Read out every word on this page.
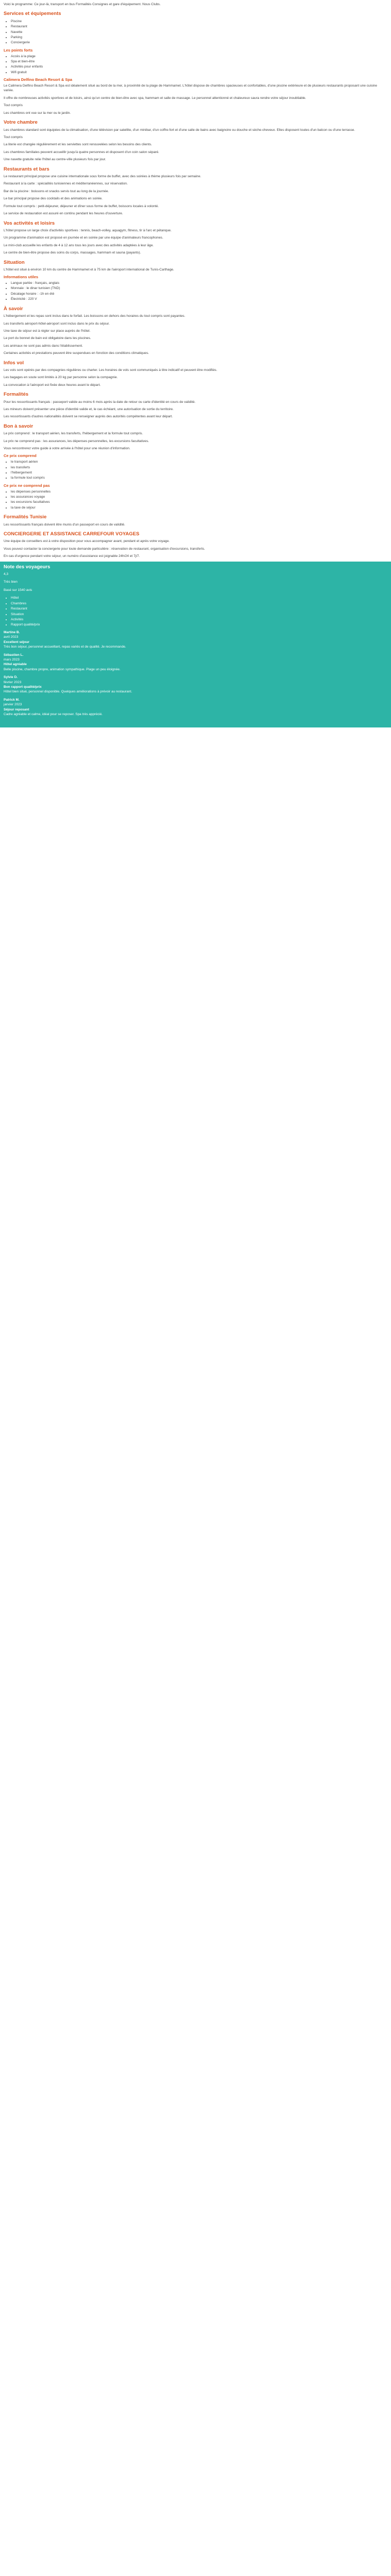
Voici le programme: Ce jour-là, transport en bus Formalités Consignes et gare d'équipement. Nous Clubs.

Services et équipements
• Piscine
• Restaurant
• Navette
• Parking
• Conciergerie
Les points forts
• Accès à la plage
• Spa et bien-être
• Activités pour enfants
• Wifi gratuit
Calimera Delfino Beach Resort & Spa

Le Calimera Delfino Beach Resort & Spa est idéalement situé au bord de la mer, à proximité de la plage de Hammamet. L'hôtel dispose de chambres spacieuses et confortables, d'une piscine extérieure et de plusieurs restaurants proposant une cuisine variée.

Il offre de nombreuses activités sportives et de loisirs, ainsi qu'un centre de bien-être avec spa, hammam et salle de massage. Le personnel attentionné et chaleureux saura rendre votre séjour inoubliable.

Tout compris

Les chambres ont vue sur la mer ou le jardin.

Votre chambre

Les chambres standard sont équipées de la climatisation, d'une télévision par satellite, d'un minibar, d'un coffre-fort et d'une salle de bains avec baignoire ou douche et sèche-cheveux. Elles disposent toutes d'un balcon ou d'une terrasse.

Tout compris

La literie est changée régulièrement et les serviettes sont renouvelées selon les besoins des clients.

Les chambres familiales peuvent accueillir jusqu'à quatre personnes et disposent d'un coin salon séparé.

Une navette gratuite relie l'hôtel au centre-ville plusieurs fois par jour.

Restaurants et bars

Le restaurant principal propose une cuisine internationale sous forme de buffet, avec des soirées à thème plusieurs fois par semaine.

Restaurant à la carte : spécialités tunisiennes et méditerranéennes, sur réservation.

Bar de la piscine : boissons et snacks servis tout au long de la journée.

Le bar principal propose des cocktails et des animations en soirée.

Formule tout compris : petit-déjeuner, déjeuner et dîner sous forme de buffet, boissons locales à volonté.

Le service de restauration est assuré en continu pendant les heures d'ouverture.

Vos activités et loisirs

L'hôtel propose un large choix d'activités sportives : tennis, beach-volley, aquagym, fitness, tir à l'arc et pétanque.

Un programme d'animation est proposé en journée et en soirée par une équipe d'animateurs francophones.

Le mini-club accueille les enfants de 4 à 12 ans tous les jours avec des activités adaptées à leur âge.

Le centre de bien-être propose des soins du corps, massages, hammam et sauna (payants).

Situation

L'hôtel est situé à environ 10 km du centre de Hammamet et à 75 km de l'aéroport international de Tunis-Carthage.

Informations utiles
• Langue parlée : français, anglais
• Monnaie : le dinar tunisien (TND)
• Décalage horaire : -1h en été
• Électricité : 220 V
À savoir

L'hébergement et les repas sont inclus dans le forfait. Les boissons en dehors des horaires du tout compris sont payantes.

Les transferts aéroport-hôtel-aéroport sont inclus dans le prix du séjour.

Une taxe de séjour est à régler sur place auprès de l'hôtel.

Le port du bonnet de bain est obligatoire dans les piscines.

Les animaux ne sont pas admis dans l'établissement.

Certaines activités et prestations peuvent être suspendues en fonction des conditions climatiques.

Infos vol

Les vols sont opérés par des compagnies régulières ou charter. Les horaires de vols sont communiqués à titre indicatif et peuvent être modifiés.

Les bagages en soute sont limités à 20 kg par personne selon la compagnie.

La convocation à l'aéroport est fixée deux heures avant le départ.

Formalités

Pour les ressortissants français : passeport valide au moins 6 mois après la date de retour ou carte d'identité en cours de validité.

Les mineurs doivent présenter une pièce d'identité valide et, le cas échéant, une autorisation de sortie du territoire.

Les ressortissants d'autres nationalités doivent se renseigner auprès des autorités compétentes avant leur départ.

Bon à savoir

Le prix comprend : le transport aérien, les transferts, l'hébergement et la formule tout compris.

Le prix ne comprend pas : les assurances, les dépenses personnelles, les excursions facultatives.

Vous rencontrerez votre guide à votre arrivée à l'hôtel pour une réunion d'information.

Ce prix comprend
• le transport aérien
• les transferts
• l'hébergement
• la formule tout compris
Ce prix ne comprend pas
• les dépenses personnelles
• les assurances voyage
• les excursions facultatives
• la taxe de séjour
Formalités Tunisie

Les ressortissants français doivent être munis d'un passeport en cours de validité.

CONCIERGERIE ET ASSISTANCE CARREFOUR VOYAGES

Une équipe de conseillers est à votre disposition pour vous accompagner avant, pendant et après votre voyage.

Vous pouvez contacter la conciergerie pour toute demande particulière : réservation de restaurant, organisation d'excursions, transferts.

En cas d'urgence pendant votre séjour, un numéro d'assistance est joignable 24h/24 et 7j/7.

Note des voyageurs

4,3

Très bien

Basé sur 1540 avis

• Hôtel
• Chambres
• Restaurant
• Situation
• Activités
• Rapport qualité/prix
Martine B.
avril 2023
Excellent séjour
Très bon séjour, personnel accueillant, repas variés et de qualité. Je recommande.
Sébastien L.
mars 2023
Hôtel agréable
Belle piscine, chambre propre, animation sympathique. Plage un peu éloignée.
Sylvie D.
février 2023
Bon rapport qualité/prix
Hôtel bien situé, personnel disponible. Quelques améliorations à prévoir au restaurant.
Patrick M.
janvier 2023
Séjour reposant
Cadre agréable et calme, idéal pour se reposer. Spa très apprécié.
